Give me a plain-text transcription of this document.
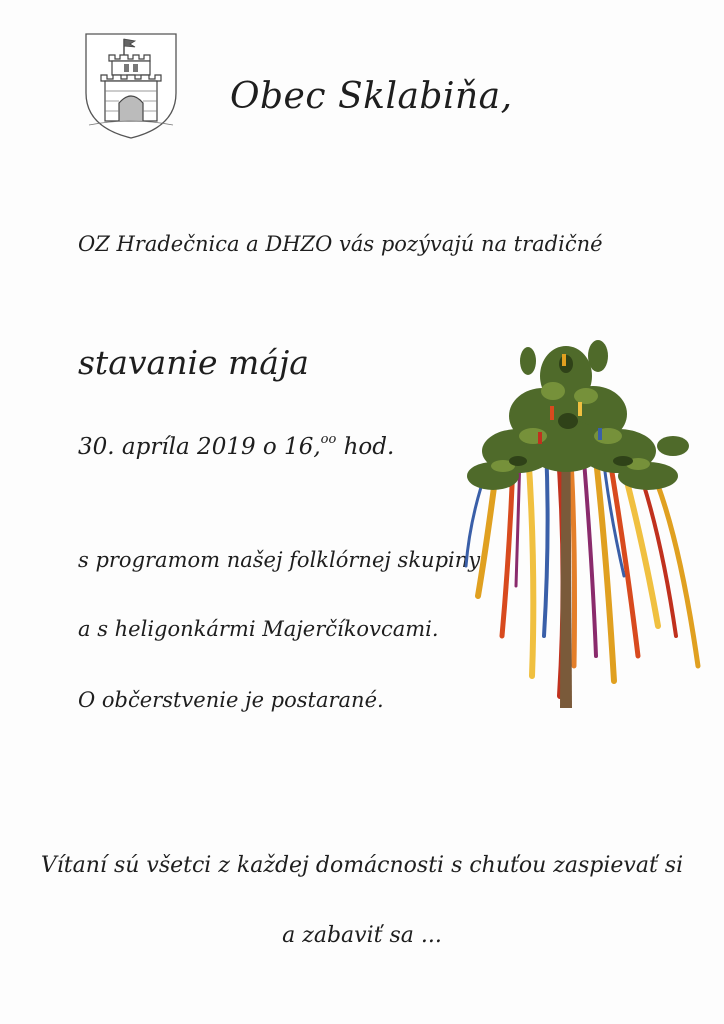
Obec Sklabiňa,
OZ Hradečnica a DHZO vás pozývajú na tradičné
stavanie mája
30. apríla 2019 o 16,$^{oo}$ hod.
s programom našej folklórnej skupiny
a s heligonkármi Majerčíkovcami.
O občerstvenie je postarané.
Vítaní sú všetci z každej domácnosti s chuťou zaspievať si
a zabaviť sa ...
